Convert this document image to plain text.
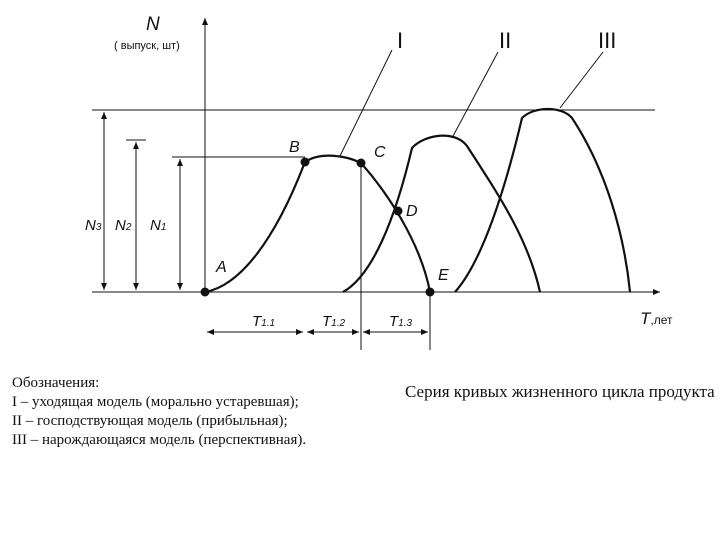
N
( выпуск, шт)
T,лет
N3 N2 N1
A
B	C
D
E
I	II	III
T1.1	T1.2	T1.3
Обозначения:
I – уходящая модель (морально устаревшая);
II – господствующая модель (прибыльная);
III – нарождающаяся модель (перспективная).
Серия кривых жизненного цикла продукта
